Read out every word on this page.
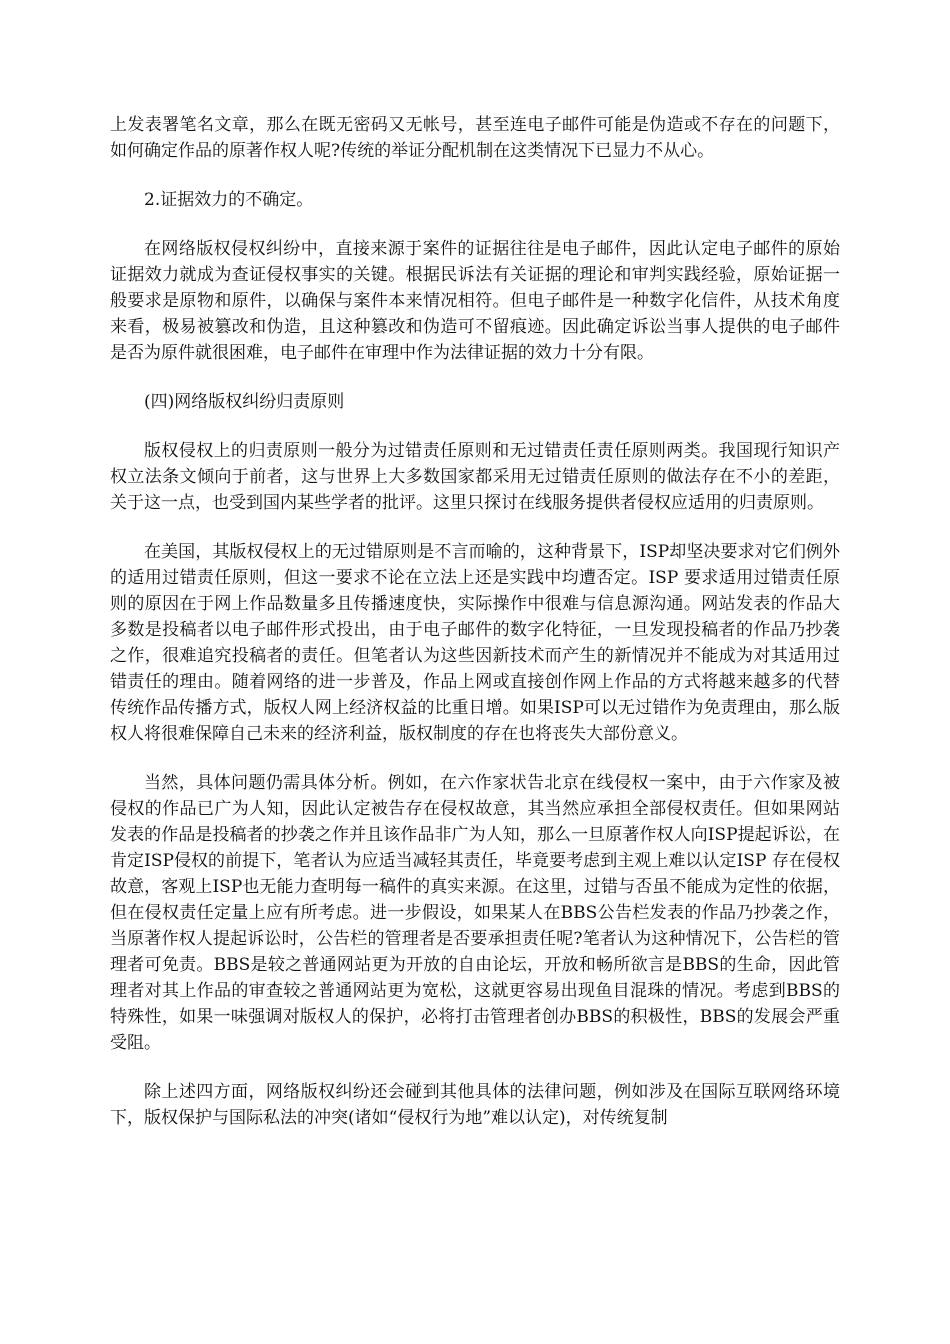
上发表署笔名文章，那么在既无密码又无帐号，甚至连电子邮件可能是伪造或不存在的问题下，如何确定作品的原著作权人呢?传统的举证分配机制在这类情况下已显力不从心。

2.证据效力的不确定。

在网络版权侵权纠纷中，直接来源于案件的证据往往是电子邮件，因此认定电子邮件的原始证据效力就成为查证侵权事实的关键。根据民诉法有关证据的理论和审判实践经验，原始证据一般要求是原物和原件，以确保与案件本来情况相符。但电子邮件是一种数字化信件，从技术角度来看，极易被篡改和伪造，且这种篡改和伪造可不留痕迹。因此确定诉讼当事人提供的电子邮件是否为原件就很困难，电子邮件在审理中作为法律证据的效力十分有限。

(四)网络版权纠纷归责原则

版权侵权上的归责原则一般分为过错责任原则和无过错责任责任原则两类。我国现行知识产权立法条文倾向于前者，这与世界上大多数国家都采用无过错责任原则的做法存在不小的差距，关于这一点，也受到国内某些学者的批评。这里只探讨在线服务提供者侵权应适用的归责原则。

在美国，其版权侵权上的无过错原则是不言而喻的，这种背景下，ISP却坚决要求对它们例外的适用过错责任原则，但这一要求不论在立法上还是实践中均遭否定。ISP 要求适用过错责任原则的原因在于网上作品数量多且传播速度快，实际操作中很难与信息源沟通。网站发表的作品大多数是投稿者以电子邮件形式投出，由于电子邮件的数字化特征，一旦发现投稿者的作品乃抄袭之作，很难追究投稿者的责任。但笔者认为这些因新技术而产生的新情况并不能成为对其适用过错责任的理由。随着网络的进一步普及，作品上网或直接创作网上作品的方式将越来越多的代替传统作品传播方式，版权人网上经济权益的比重日增。如果ISP可以无过错作为免责理由，那么版权人将很难保障自己未来的经济利益，版权制度的存在也将丧失大部份意义。

当然，具体问题仍需具体分析。例如，在六作家状告北京在线侵权一案中，由于六作家及被侵权的作品已广为人知，因此认定被告存在侵权故意，其当然应承担全部侵权责任。但如果网站发表的作品是投稿者的抄袭之作并且该作品非广为人知，那么一旦原著作权人向ISP提起诉讼，在肯定ISP侵权的前提下，笔者认为应适当减轻其责任，毕竟要考虑到主观上难以认定ISP 存在侵权故意，客观上ISP也无能力查明每一稿件的真实来源。在这里，过错与否虽不能成为定性的依据，但在侵权责任定量上应有所考虑。进一步假设，如果某人在BBS公告栏发表的作品乃抄袭之作，当原著作权人提起诉讼时，公告栏的管理者是否要承担责任呢?笔者认为这种情况下，公告栏的管理者可免责。BBS是较之普通网站更为开放的自由论坛，开放和畅所欲言是BBS的生命，因此管理者对其上作品的审查较之普通网站更为宽松，这就更容易出现鱼目混珠的情况。考虑到BBS的特殊性，如果一味强调对版权人的保护，必将打击管理者创办BBS的积极性，BBS的发展会严重受阻。

除上述四方面，网络版权纠纷还会碰到其他具体的法律问题，例如涉及在国际互联网络环境下，版权保护与国际私法的冲突(诸如“侵权行为地”难以认定)，对传统复制
